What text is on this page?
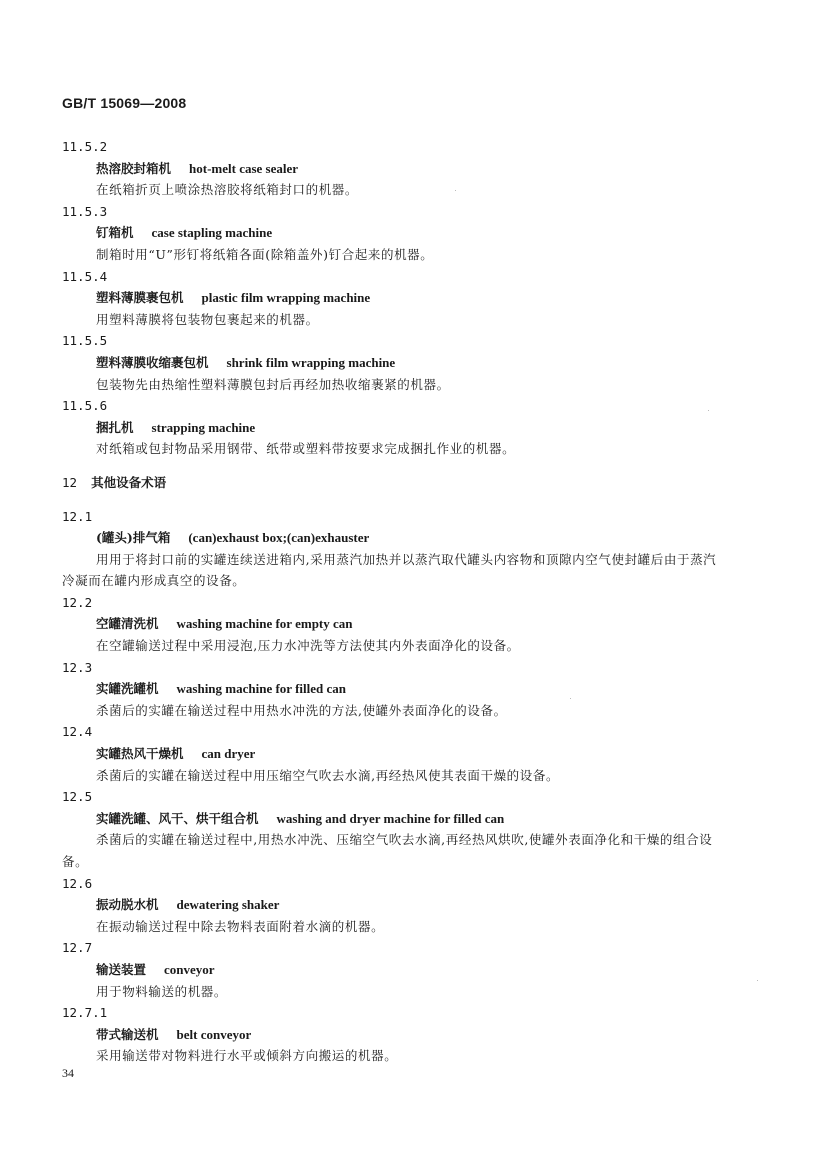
GB/T 15069—2008
11.5.2
热溶胶封箱机 hot-melt case sealer
在纸箱折页上喷涂热溶胶将纸箱封口的机器。
11.5.3
钉箱机 case stapling machine
制箱时用“U”形钉将纸箱各面(除箱盖外)钉合起来的机器。
11.5.4
塑料薄膜裹包机 plastic film wrapping machine
用塑料薄膜将包装物包裹起来的机器。
11.5.5
塑料薄膜收缩裹包机 shrink film wrapping machine
包装物先由热缩性塑料薄膜包封后再经加热收缩裹紧的机器。
11.5.6
捆扎机 strapping machine
对纸箱或包封物品采用钢带、纸带或塑料带按要求完成捆扎作业的机器。
12 其他设备术语
12.1
(罐头)排气箱 (can)exhaust box;(can)exhauster
用用于将封口前的实罐连续送进箱内,采用蒸汽加热并以蒸汽取代罐头内容物和顶隙内空气使封罐后由于蒸汽冷凝而在罐内形成真空的设备。
12.2
空罐清洗机 washing machine for empty can
在空罐输送过程中采用浸泡,压力水冲洗等方法使其内外表面净化的设备。
12.3
实罐洗罐机 washing machine for filled can
杀菌后的实罐在输送过程中用热水冲洗的方法,使罐外表面净化的设备。
12.4
实罐热风干燥机 can dryer
杀菌后的实罐在输送过程中用压缩空气吹去水滴,再经热风使其表面干燥的设备。
12.5
实罐洗罐、风干、烘干组合机 washing and dryer machine for filled can
杀菌后的实罐在输送过程中,用热水冲洗、压缩空气吹去水滴,再经热风烘吹,使罐外表面净化和干燥的组合设备。
12.6
振动脱水机 dewatering shaker
在振动输送过程中除去物料表面附着水滴的机器。
12.7
输送装置 conveyor
用于物料输送的机器。
12.7.1
带式输送机 belt conveyor
采用输送带对物料进行水平或倾斜方向搬运的机器。
34
